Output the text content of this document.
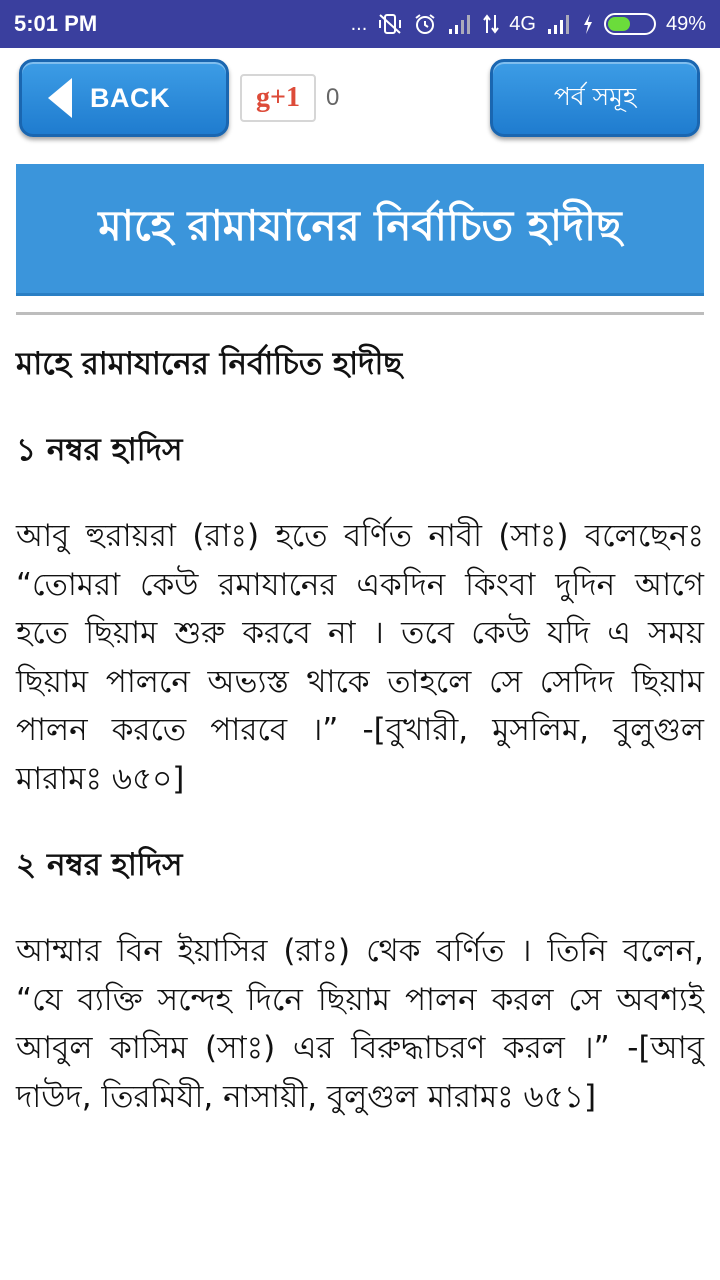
5:01 PM	...	4G	49%
BACK	g+1 0	পর্ব সমূহ
মাহে রামাযানের নির্বাচিত হাদীছ
মাহে রামাযানের নির্বাচিত হাদীছ
১ নম্বর হাদিস
আবু হুরায়রা (রাঃ) হতে বর্ণিত নাবী (সাঃ) বলেছেনঃ “তোমরা কেউ রমাযানের একদিন কিংবা দুদিন আগে হতে ছিয়াম শুরু করবে না । তবে কেউ যদি এ সময় ছিয়াম পালনে অভ্যস্ত থাকে তাহলে সে সেদিদ ছিয়াম পালন করতে পারবে ।” -[বুখারী, মুসলিম, বুলুগুল মারামঃ ৬৫০]
২ নম্বর হাদিস
আম্মার বিন ইয়াসির (রাঃ) থেক বর্ণিত । তিনি বলেন, “যে ব্যক্তি সন্দেহ দিনে ছিয়াম পালন করল সে অবশ্যই আবুল কাসিম (সাঃ) এর বিরুদ্ধাচরণ করল ।” -[আবু দাউদ, তিরমিযী, নাসায়ী, বুলুগুল মারামঃ ৬৫১]
